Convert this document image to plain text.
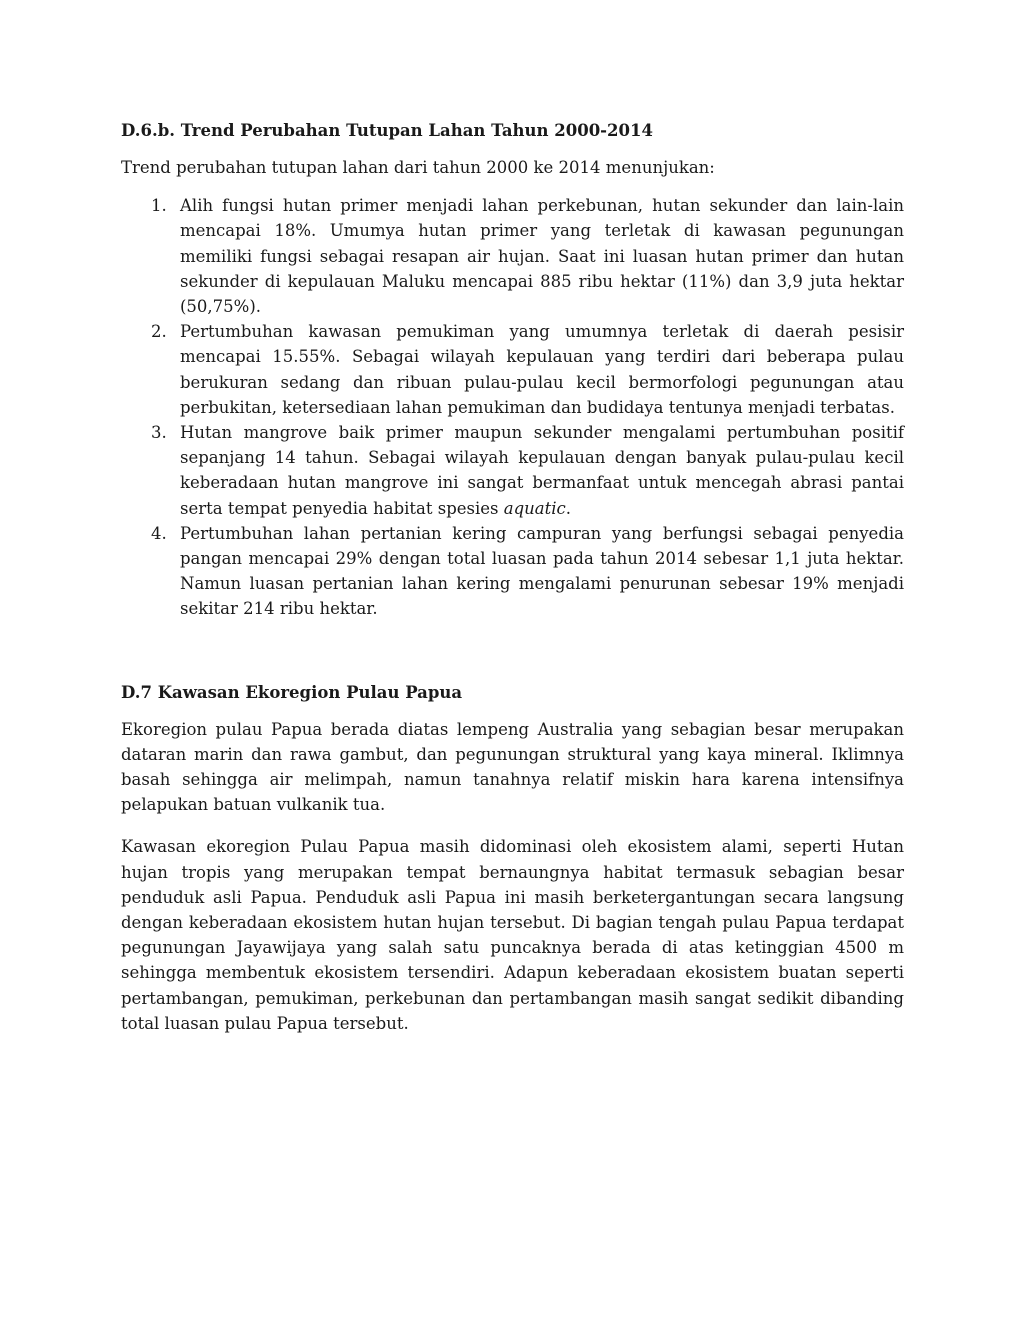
D.6.b. Trend Perubahan Tutupan Lahan Tahun 2000-2014

Trend perubahan tutupan lahan dari tahun 2000 ke 2014 menunjukan:

1. Alih fungsi hutan primer menjadi lahan perkebunan, hutan sekunder dan lain-lain mencapai 18%. Umumya hutan primer yang terletak di kawasan pegunungan memiliki fungsi sebagai resapan air hujan. Saat ini luasan hutan primer dan hutan sekunder di kepulauan Maluku mencapai 885 ribu hektar (11%) dan 3,9 juta hektar (50,75%).
2. Pertumbuhan kawasan pemukiman yang umumnya terletak di daerah pesisir mencapai 15.55%. Sebagai wilayah kepulauan yang terdiri dari beberapa pulau berukuran sedang dan ribuan pulau-pulau kecil bermorfologi pegunungan atau perbukitan, ketersediaan lahan pemukiman dan budidaya tentunya menjadi terbatas.
3. Hutan mangrove baik primer maupun sekunder mengalami pertumbuhan positif sepanjang 14 tahun. Sebagai wilayah kepulauan dengan banyak pulau-pulau kecil keberadaan hutan mangrove ini sangat bermanfaat untuk mencegah abrasi pantai serta tempat penyedia habitat spesies aquatic.
4. Pertumbuhan lahan pertanian kering campuran yang berfungsi sebagai penyedia pangan mencapai 29% dengan total luasan pada tahun 2014 sebesar 1,1 juta hektar. Namun luasan pertanian lahan kering mengalami penurunan sebesar 19% menjadi sekitar 214 ribu hektar.
D.7 Kawasan Ekoregion Pulau Papua

Ekoregion pulau Papua berada diatas lempeng Australia yang sebagian besar merupakan dataran marin dan rawa gambut, dan pegunungan struktural yang kaya mineral. Iklimnya basah sehingga air melimpah, namun tanahnya relatif miskin hara karena intensifnya pelapukan batuan vulkanik tua.

Kawasan ekoregion Pulau Papua masih didominasi oleh ekosistem alami, seperti Hutan hujan tropis yang merupakan tempat bernaungnya habitat termasuk sebagian besar penduduk asli Papua. Penduduk asli Papua ini masih berketergantungan secara langsung dengan keberadaan ekosistem hutan hujan tersebut. Di bagian tengah pulau Papua terdapat pegunungan Jayawijaya yang salah satu puncaknya berada di atas ketinggian 4500 m sehingga membentuk ekosistem tersendiri. Adapun keberadaan ekosistem buatan seperti pertambangan, pemukiman, perkebunan dan pertambangan masih sangat sedikit dibanding total luasan pulau Papua tersebut.
